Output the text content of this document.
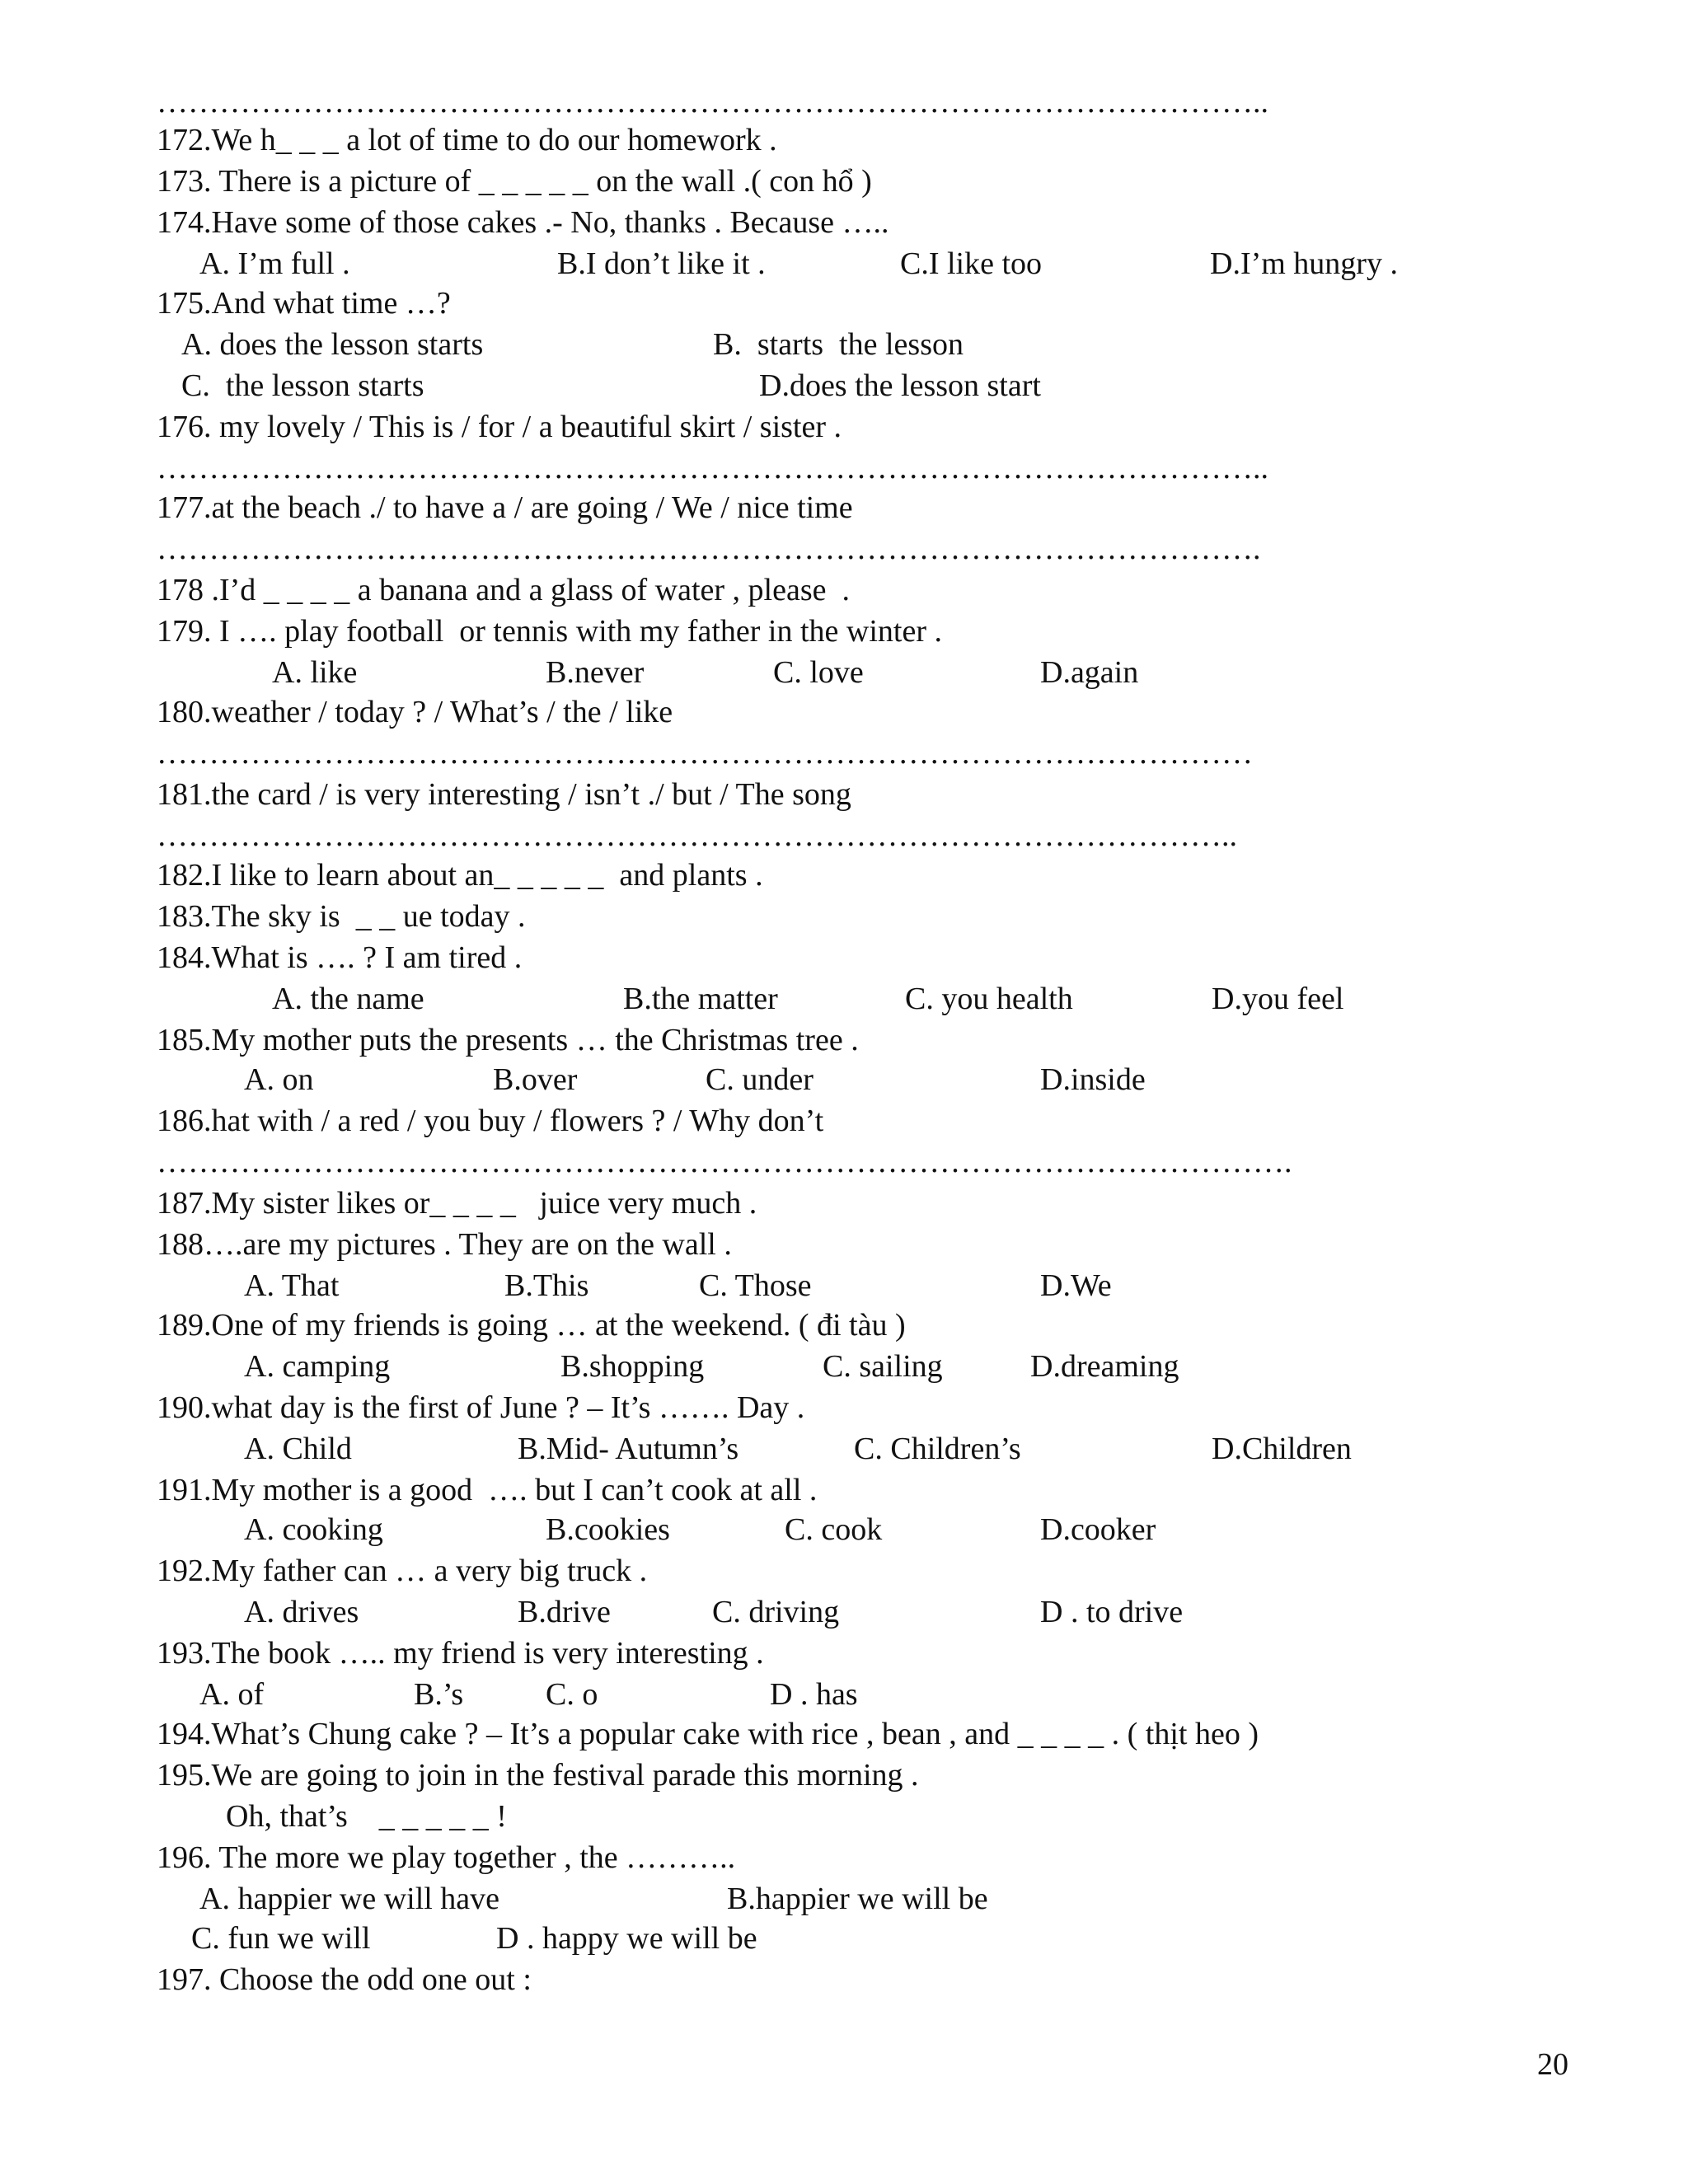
……………………………………………………………………………………………..
172.We h_ _ _ a lot of time to do our homework .
173. There is a picture of _ _ _ _ _ on the wall .( con hổ )
174.Have some of those cakes .- No, thanks . Because …..
A. I’m full .	B.I don’t like it .	C.I like too	D.I’m hungry .
175.And what time …?
A. does the lesson starts	B.  starts  the lesson
C.  the lesson starts	D.does the lesson start
176. my lovely / This is / for / a beautiful skirt / sister .
……………………………………………………………………………………………..
177.at the beach ./ to have a / are going / We / nice time
…………………………………………………………………………………………….
178 .I’d _ _ _ _ a banana and a glass of water , please  .
179. I …. play football  or tennis with my father in the winter .
A. like	B.never	C. love	D.again
180.weather / today ? / What’s / the / like
……………………………………………………………………………………………
181.the card / is very interesting / isn’t ./ but / The song
…………………………………………………………………………………………..
182.I like to learn about an_ _ _ _ _  and plants .
183.The sky is  _ _ ue today .
184.What is …. ? I am tired .
A. the name	B.the matter	C. you health	D.you feel
185.My mother puts the presents … the Christmas tree .
A. on	B.over	C. under	D.inside
186.hat with / a red / you buy / flowers ? / Why don’t
……………………………………………………………………………………………….
187.My sister likes or_ _ _ _   juice very much .
188….are my pictures . They are on the wall .
A. That	B.This	C. Those	D.We
189.One of my friends is going … at the weekend. ( đi tàu )
A. camping	B.shopping	C. sailing	D.dreaming
190.what day is the first of June ? – It’s ……. Day .
A. Child	B.Mid- Autumn’s	C. Children’s	D.Children
191.My mother is a good  …. but I can’t cook at all .
A. cooking	B.cookies	C. cook	D.cooker
192.My father can … a very big truck .
A. drives	B.drive	C. driving	D . to drive
193.The book ….. my friend is very interesting .
A. of	B.’s	C. o	D . has
194.What’s Chung cake ? – It’s a popular cake with rice , bean , and _ _ _ _ . ( thịt heo )
195.We are going to join in the festival parade this morning .
Oh, that’s    _ _ _ _ _ !
196. The more we play together , the ………..
A. happier we will have	B.happier we will be
C. fun we will	D . happy we will be
197. Choose the odd one out :
20
